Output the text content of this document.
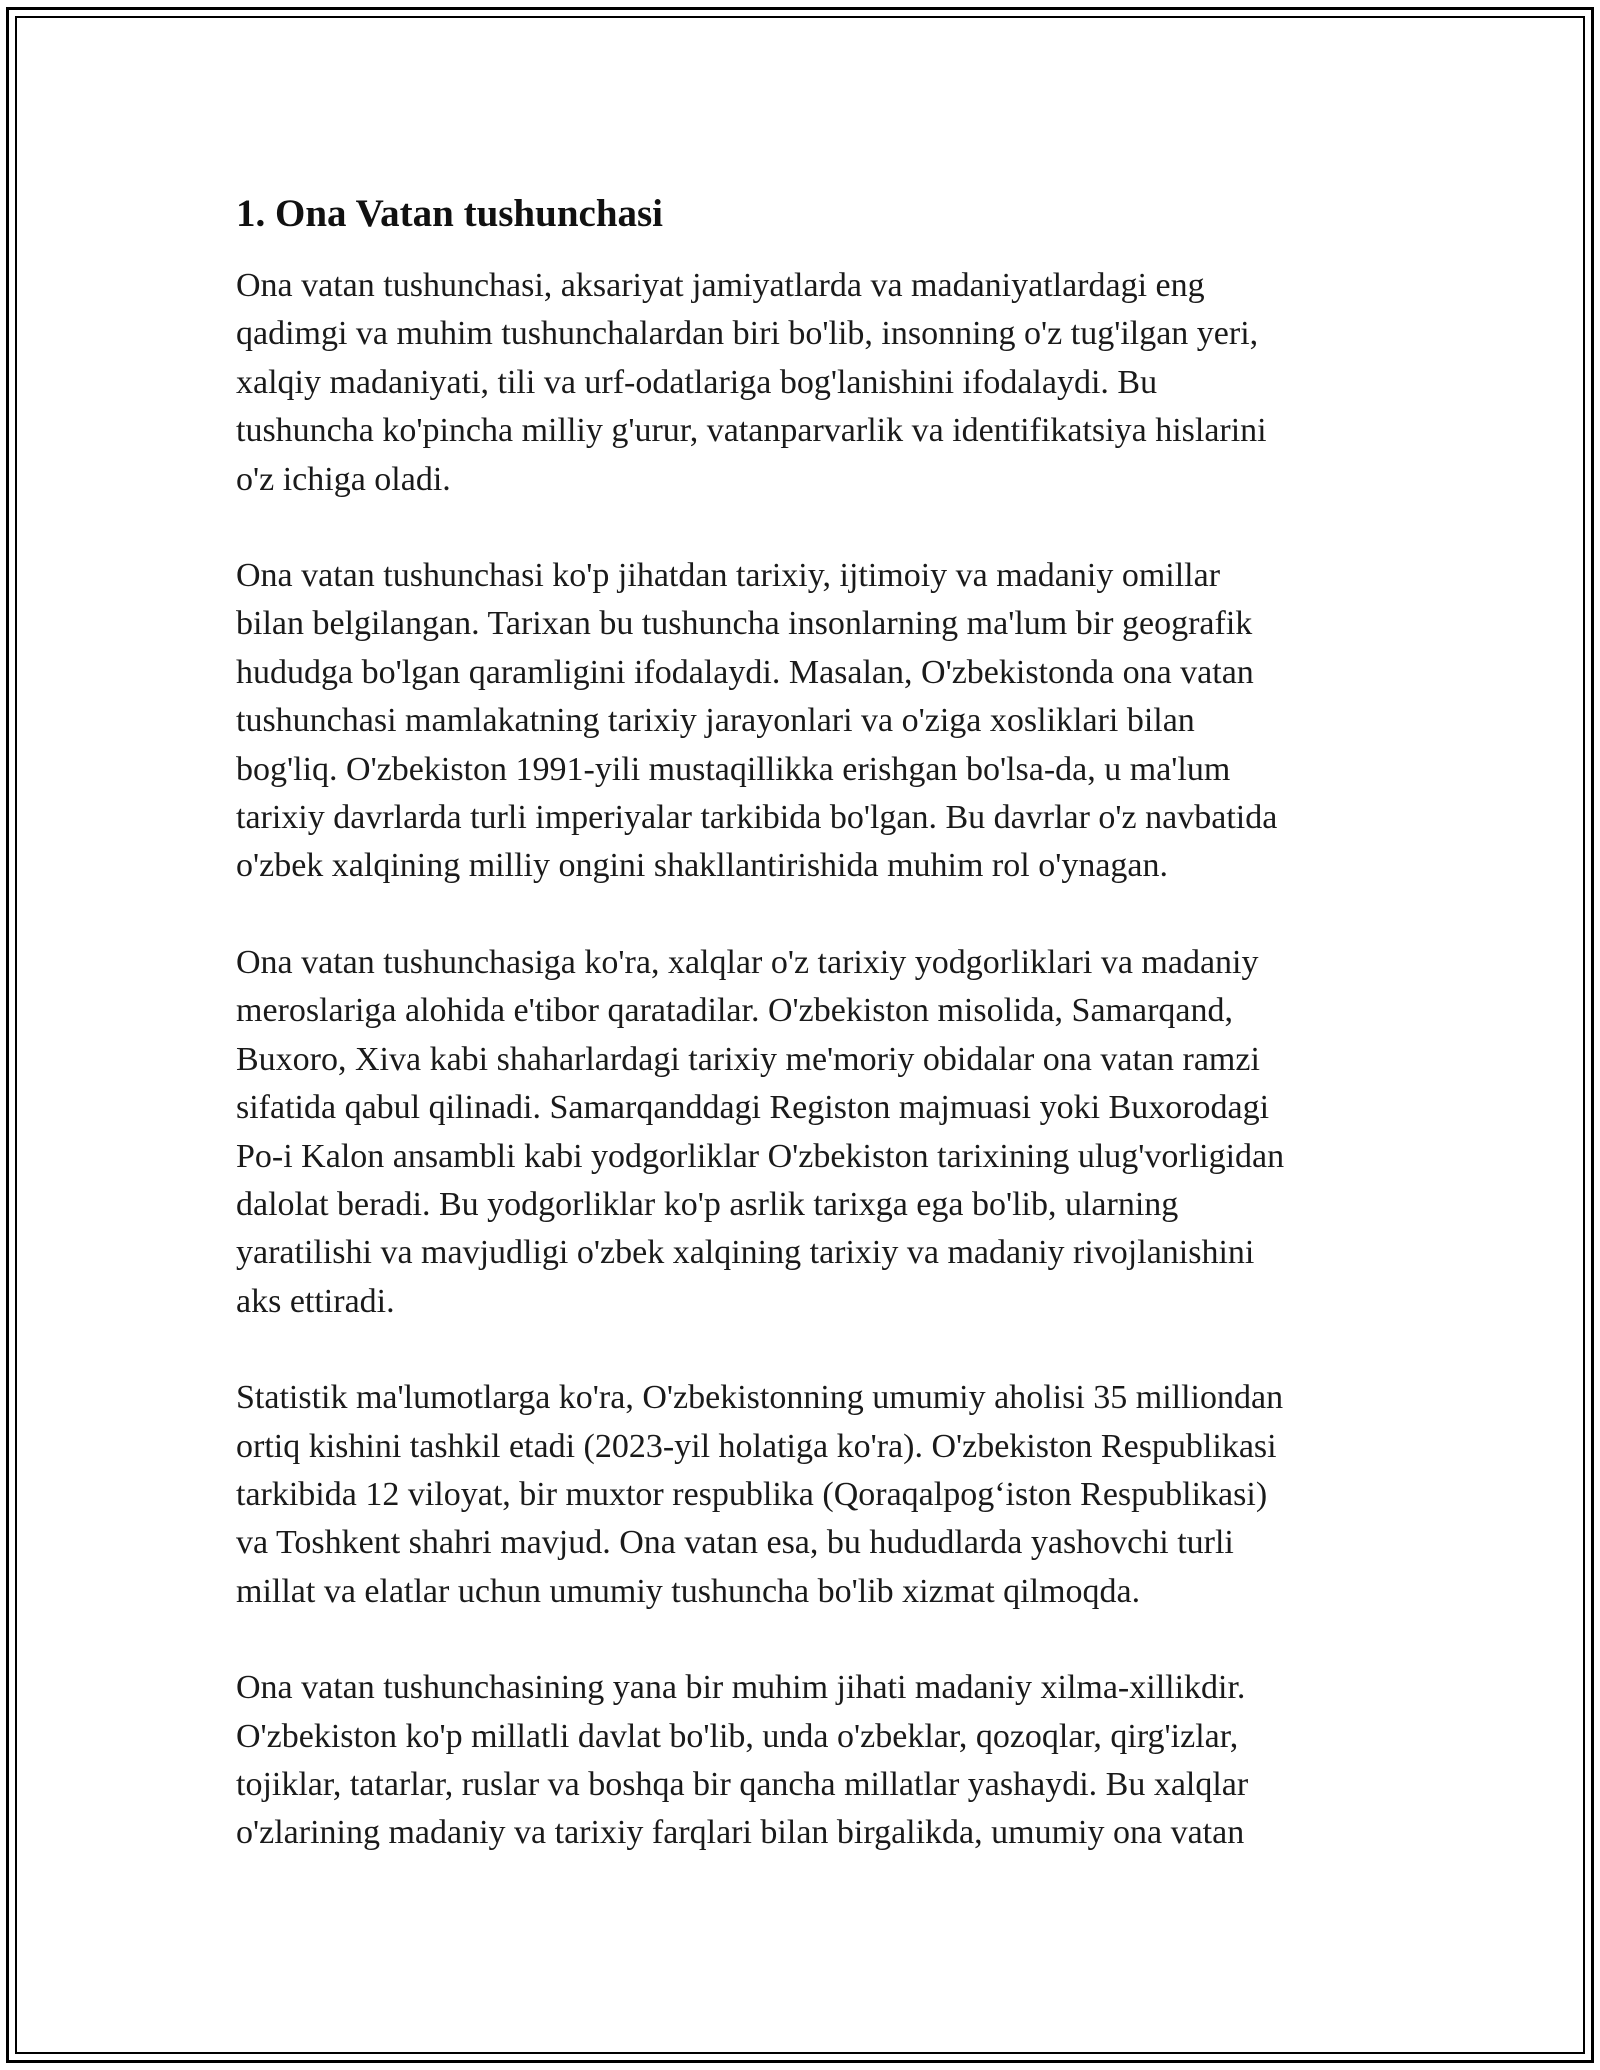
1. Ona Vatan tushunchasi

Ona vatan tushunchasi, aksariyat jamiyatlarda va madaniyatlardagi eng
qadimgi va muhim tushunchalardan biri bo'lib, insonning o'z tug'ilgan yeri,
xalqiy madaniyati, tili va urf-odatlariga bog'lanishini ifodalaydi. Bu
tushuncha ko'pincha milliy g'urur, vatanparvarlik va identifikatsiya hislarini
o'z ichiga oladi.

Ona vatan tushunchasi ko'p jihatdan tarixiy, ijtimoiy va madaniy omillar
bilan belgilangan. Tarixan bu tushuncha insonlarning ma'lum bir geografik
hududga bo'lgan qaramligini ifodalaydi. Masalan, O'zbekistonda ona vatan
tushunchasi mamlakatning tarixiy jarayonlari va o'ziga xosliklari bilan
bog'liq. O'zbekiston 1991-yili mustaqillikka erishgan bo'lsa-da, u ma'lum
tarixiy davrlarda turli imperiyalar tarkibida bo'lgan. Bu davrlar o'z navbatida
o'zbek xalqining milliy ongini shakllantirishida muhim rol o'ynagan.

Ona vatan tushunchasiga ko'ra, xalqlar o'z tarixiy yodgorliklari va madaniy
meroslariga alohida e'tibor qaratadilar. O'zbekiston misolida, Samarqand,
Buxoro, Xiva kabi shaharlardagi tarixiy me'moriy obidalar ona vatan ramzi
sifatida qabul qilinadi. Samarqanddagi Registon majmuasi yoki Buxorodagi
Po-i Kalon ansambli kabi yodgorliklar O'zbekiston tarixining ulug'vorligidan
dalolat beradi. Bu yodgorliklar ko'p asrlik tarixga ega bo'lib, ularning
yaratilishi va mavjudligi o'zbek xalqining tarixiy va madaniy rivojlanishini
aks ettiradi.

Statistik ma'lumotlarga ko'ra, O'zbekistonning umumiy aholisi 35 milliondan
ortiq kishini tashkil etadi (2023-yil holatiga ko'ra). O'zbekiston Respublikasi
tarkibida 12 viloyat, bir muxtor respublika (Qoraqalpog‘iston Respublikasi)
va Toshkent shahri mavjud. Ona vatan esa, bu hududlarda yashovchi turli
millat va elatlar uchun umumiy tushuncha bo'lib xizmat qilmoqda.

Ona vatan tushunchasining yana bir muhim jihati madaniy xilma-xillikdir.
O'zbekiston ko'p millatli davlat bo'lib, unda o'zbeklar, qozoqlar, qirg'izlar,
tojiklar, tatarlar, ruslar va boshqa bir qancha millatlar yashaydi. Bu xalqlar
o'zlarining madaniy va tarixiy farqlari bilan birgalikda, umumiy ona vatan
